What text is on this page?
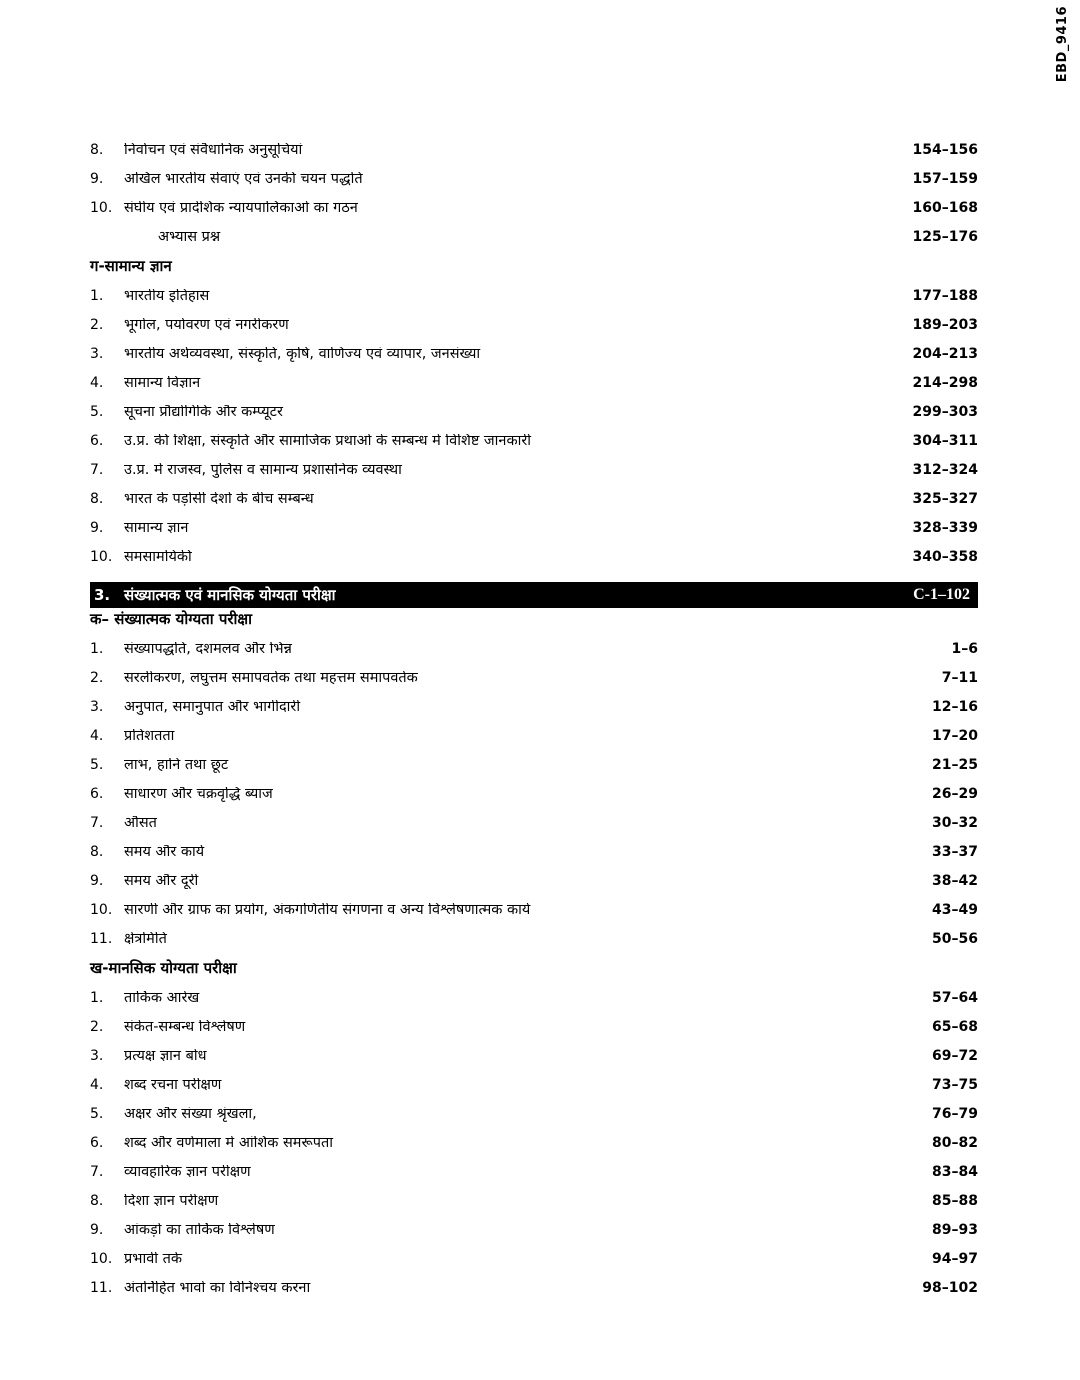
EBD_9416
8.	निर्वाचन एवं संवैधानिक अनुसूचियां	154–156
9.	अखिल भारतीय सेवाएं एवं उनकी चयन पद्धति	157–159
10. संघीय एवं प्रादेशिक न्यायपालिकाओं का गठन	160–168
अभ्यास प्रश्न	125–176
ग-सामान्य ज्ञान
1.	भारतीय इतिहास	177–188
2.	भूगोल, पर्यावरण एवं नगरीकरण	189–203
3.	भारतीय अर्थव्यवस्था, संस्कृति, कृषि, वाणिज्य एवं व्यापार, जनसंख्या	204–213
4.	सामान्य विज्ञान	214–298
5.	सूचना प्रौद्योगिकि और कम्प्यूटर	299–303
6.	उ.प्र. की शिक्षा, संस्कृति और सामाजिक प्रथाओं के सम्बन्ध में विशिष्ट जानकारी	304–311
7.	उ.प्र. में राजस्व, पुलिस व सामान्य प्रशासनिक व्यवस्था	312–324
8.	भारत के पड़ोसी देशों के बीच सम्बन्ध	325–327
9.	सामान्य ज्ञान	328–339
10. समसामयिकी	340–358
3. संख्यात्मक एवं मानसिक योग्यता परीक्षा	C-1–102
क– संख्यात्मक योग्यता परीक्षा
1.	संख्यापद्धति, दशमलव और भिन्न	1–6
2.	सरलीकरण, लघुत्तम समापवर्तक तथा महत्तम समापवर्तक	7–11
3.	अनुपात, समानुपात और भागीदारी	12–16
4.	प्रतिशतता	17–20
5.	लाभ, हानि तथा छूट	21–25
6.	साधारण और चक्रवृद्धि ब्याज	26–29
7.	औसत	30–32
8.	समय और कार्य	33–37
9.	समय और दूरी	38–42
10. सारणी और ग्राफ का प्रयोग, अंकगणितीय संगणना व अन्य विश्लेषणात्मक कार्य	43–49
11. क्षेत्रमिति	50–56
ख-मानसिक योग्यता परीक्षा
1.	तार्किक आरेख	57–64
2.	संकेत-सम्बन्ध विश्लेषण	65–68
3.	प्रत्यक्ष ज्ञान बोध	69–72
4.	शब्द रचना परीक्षण	73–75
5.	अक्षर और संख्या श्रृंखला,	76–79
6.	शब्द और वर्णमाला में आंशिक समरूपता	80–82
7.	व्यावहारिक ज्ञान परीक्षण	83–84
8.	दिशा ज्ञान परीक्षण	85–88
9.	आंकड़ों का तार्किक विश्लेषण	89–93
10. प्रभावी तर्क	94–97
11. अंतर्निहित भावों का विनिश्चय करना	98–102
